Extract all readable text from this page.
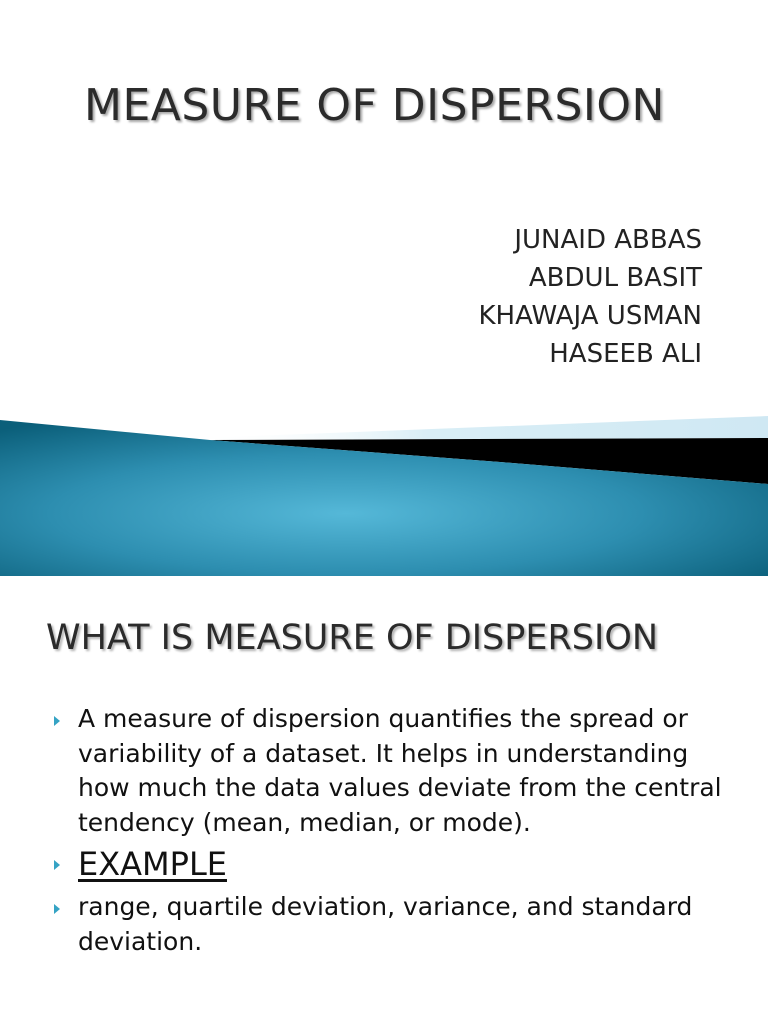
MEASURE OF DISPERSION
JUNAID ABBAS
ABDUL BASIT
KHAWAJA USMAN
HASEEB ALI
WHAT IS MEASURE OF DISPERSION
A measure of dispersion quantifies the spread or variability of a dataset. It helps in understanding how much the data values deviate from the central tendency (mean, median, or mode).
EXAMPLE
range, quartile deviation, variance, and standard deviation.
